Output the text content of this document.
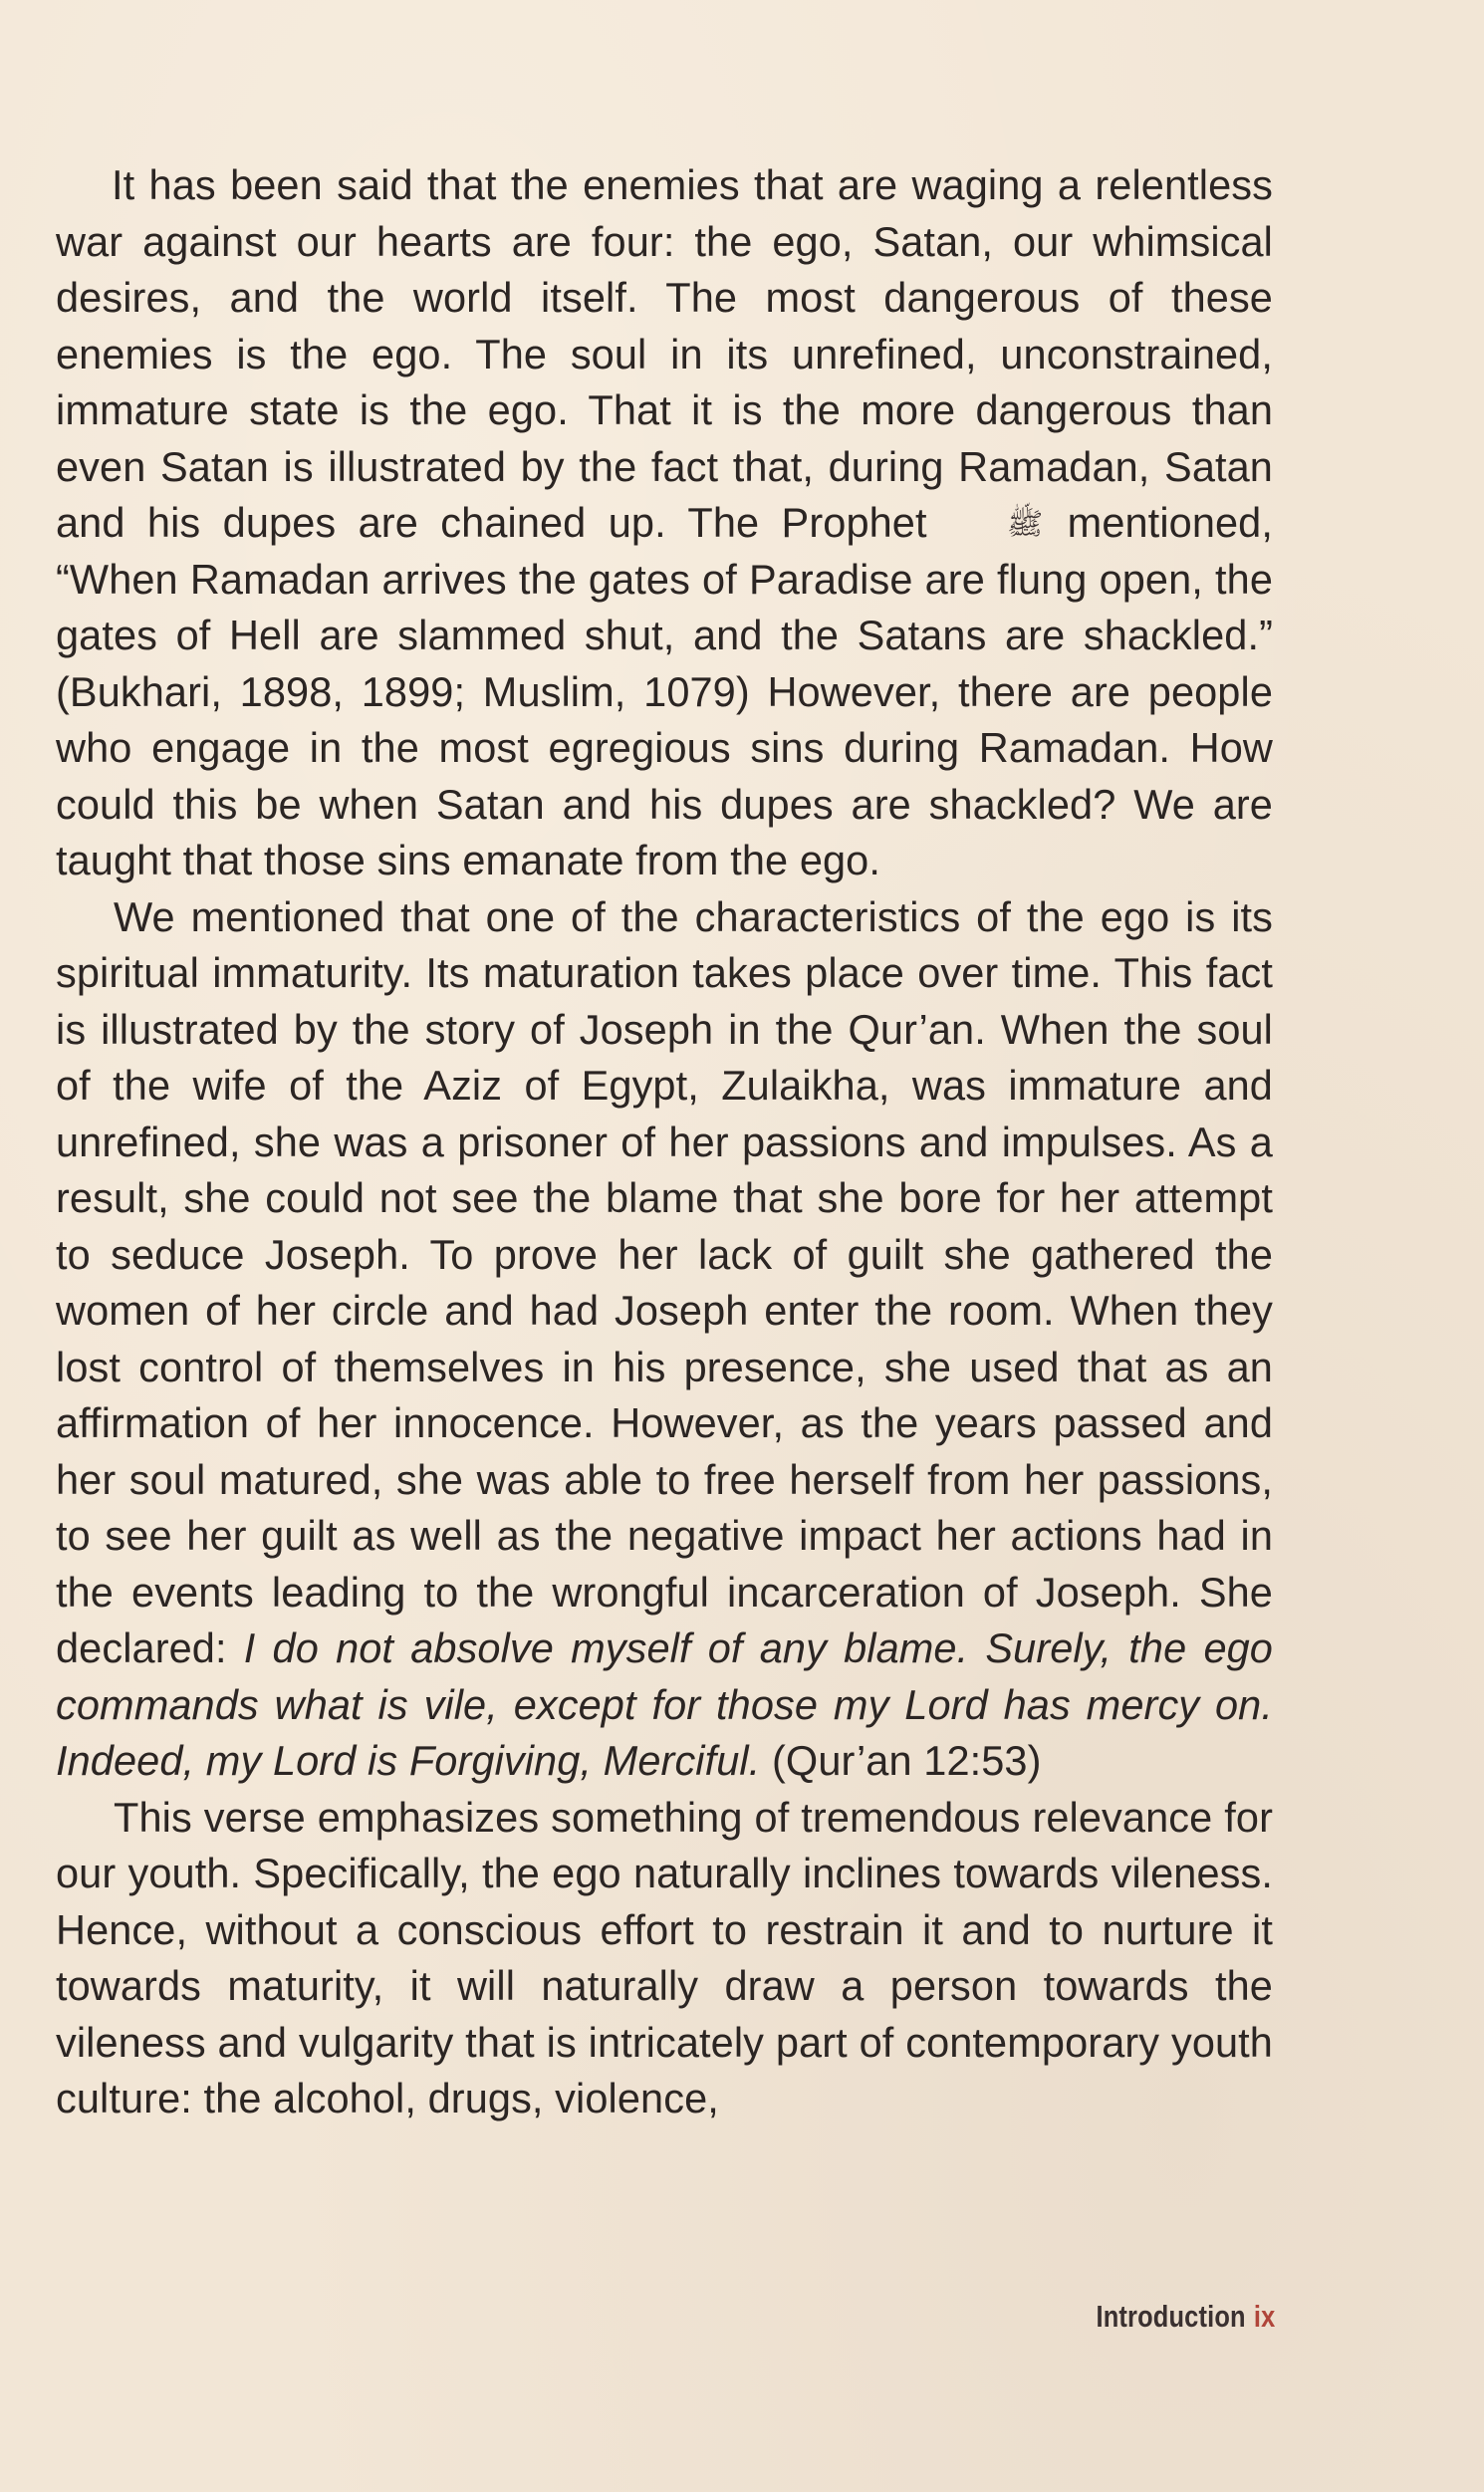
It has been said that the enemies that are waging a relentless war against our hearts are four: the ego, Satan, our whimsical desires, and the world itself. The most dangerous of these enemies is the ego. The soul in its unrefined, unconstrained, immature state is the ego. That it is the more dangerous than even Satan is illustrated by the fact that, during Ramadan, Satan and his dupes are chained up. The Prophet	ﷺ mentioned, “When Ramadan arrives the gates of Paradise are flung open, the gates of Hell are slammed shut, and the Satans are shackled.” (Bukhari, 1898, 1899; Muslim, 1079) However, there are people who engage in the most egregious sins during Ramadan. How could this be when Satan and his dupes are shackled? We are taught that those sins emanate from the ego.

We mentioned that one of the characteristics of the ego is its spiritual immaturity. Its maturation takes place over time. This fact is illustrated by the story of Joseph in the Qur’an. When the soul of the wife of the Aziz of Egypt, Zulaikha, was immature and unrefined, she was a prisoner of her passions and impulses. As a result, she could not see the blame that she bore for her attempt to seduce Joseph. To prove her lack of guilt she gathered the women of her circle and had Joseph enter the room. When they lost control of themselves in his presence, she used that as an affirmation of her innocence. However, as the years passed and her soul matured, she was able to free herself from her passions, to see her guilt as well as the negative impact her actions had in the events leading to the wrongful incarceration of Joseph. She declared: I do not absolve myself of any blame. Surely, the ego commands what is vile, except for those my Lord has mercy on. Indeed, my Lord is Forgiving, Merciful. (Qur’an 12:53)

This verse emphasizes something of tremendous relevance for our youth. Specifically, the ego naturally inclines towards vileness. Hence, without a conscious effort to restrain it and to nurture it towards maturity, it will naturally draw a person towards the vileness and vulgarity that is intricately part of contemporary youth culture: the alcohol, drugs, violence,

Introduction ix
